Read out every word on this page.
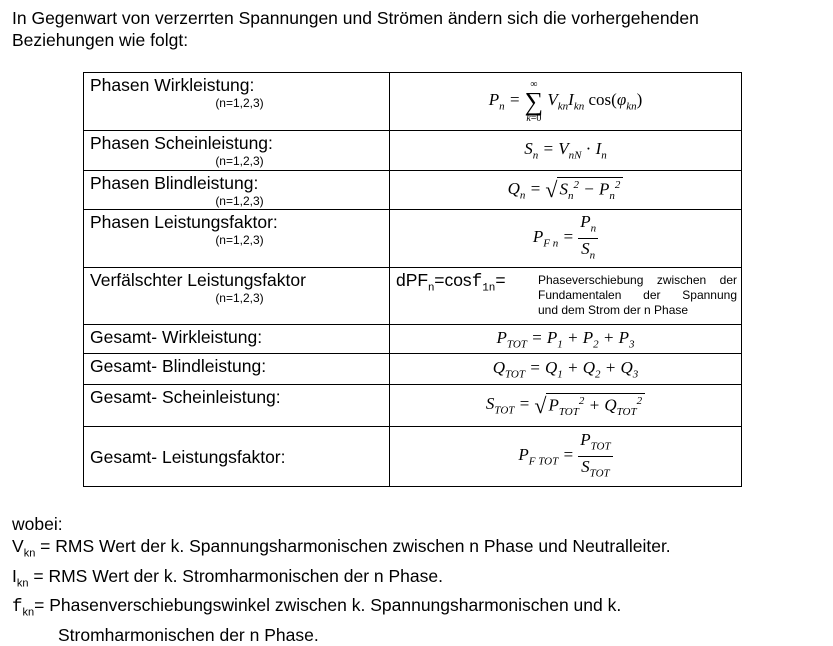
In Gegenwart von verzerrten Spannungen und Strömen ändern sich die vorhergehenden
Beziehungen wie folgt:
Phasen Wirkleistung:
(n=1,2,3)	$P_n$ =
∞
∑
k=0
$V_{kn}I_{kn}$ $\cos(\varphi_{kn})$
Phasen Scheinleistung:
(n=1,2,3)	$S_n = V_{nN} \cdot I_n$
Phasen Blindleistung:
(n=1,2,3)	$Q_n$ = √ $S_n^2 - P_n^2$
Phasen Leistungsfaktor:
(n=1,2,3)	$P_{F n} = \frac{P_n}{S_n}$

Verfälschter Leistungsfaktor
(n=1,2,3)	dPF$_n$=cosf$_{1n}$= Phaseverschiebung zwischen der
Fundamentalen der Spannung
und dem Strom der n Phase

Gesamt- Wirkleistung:	$P_{TOT} = P_1 + P_2 + P_3$
Gesamt- Blindleistung:	$Q_{TOT} = Q_1 + Q_2 + Q_3$
Gesamt- Scheinleistung:	$S_{TOT}$ = √ $P_{TOT}^2 + Q_{TOT}^2$
Gesamt- Leistungsfaktor:	$P_{F TOT} = \frac{P_{TOT}}{S_{TOT}}$
wobei:
$V_{kn}$ = RMS Wert der k. Spannungsharmonischen zwischen n Phase und Neutralleiter.
$I_{kn}$ = RMS Wert der k. Stromharmonischen der n Phase.
$f_{kn}=$ Phasenverschiebungswinkel zwischen k. Spannungsharmonischen und k.
Stromharmonischen der n Phase.
